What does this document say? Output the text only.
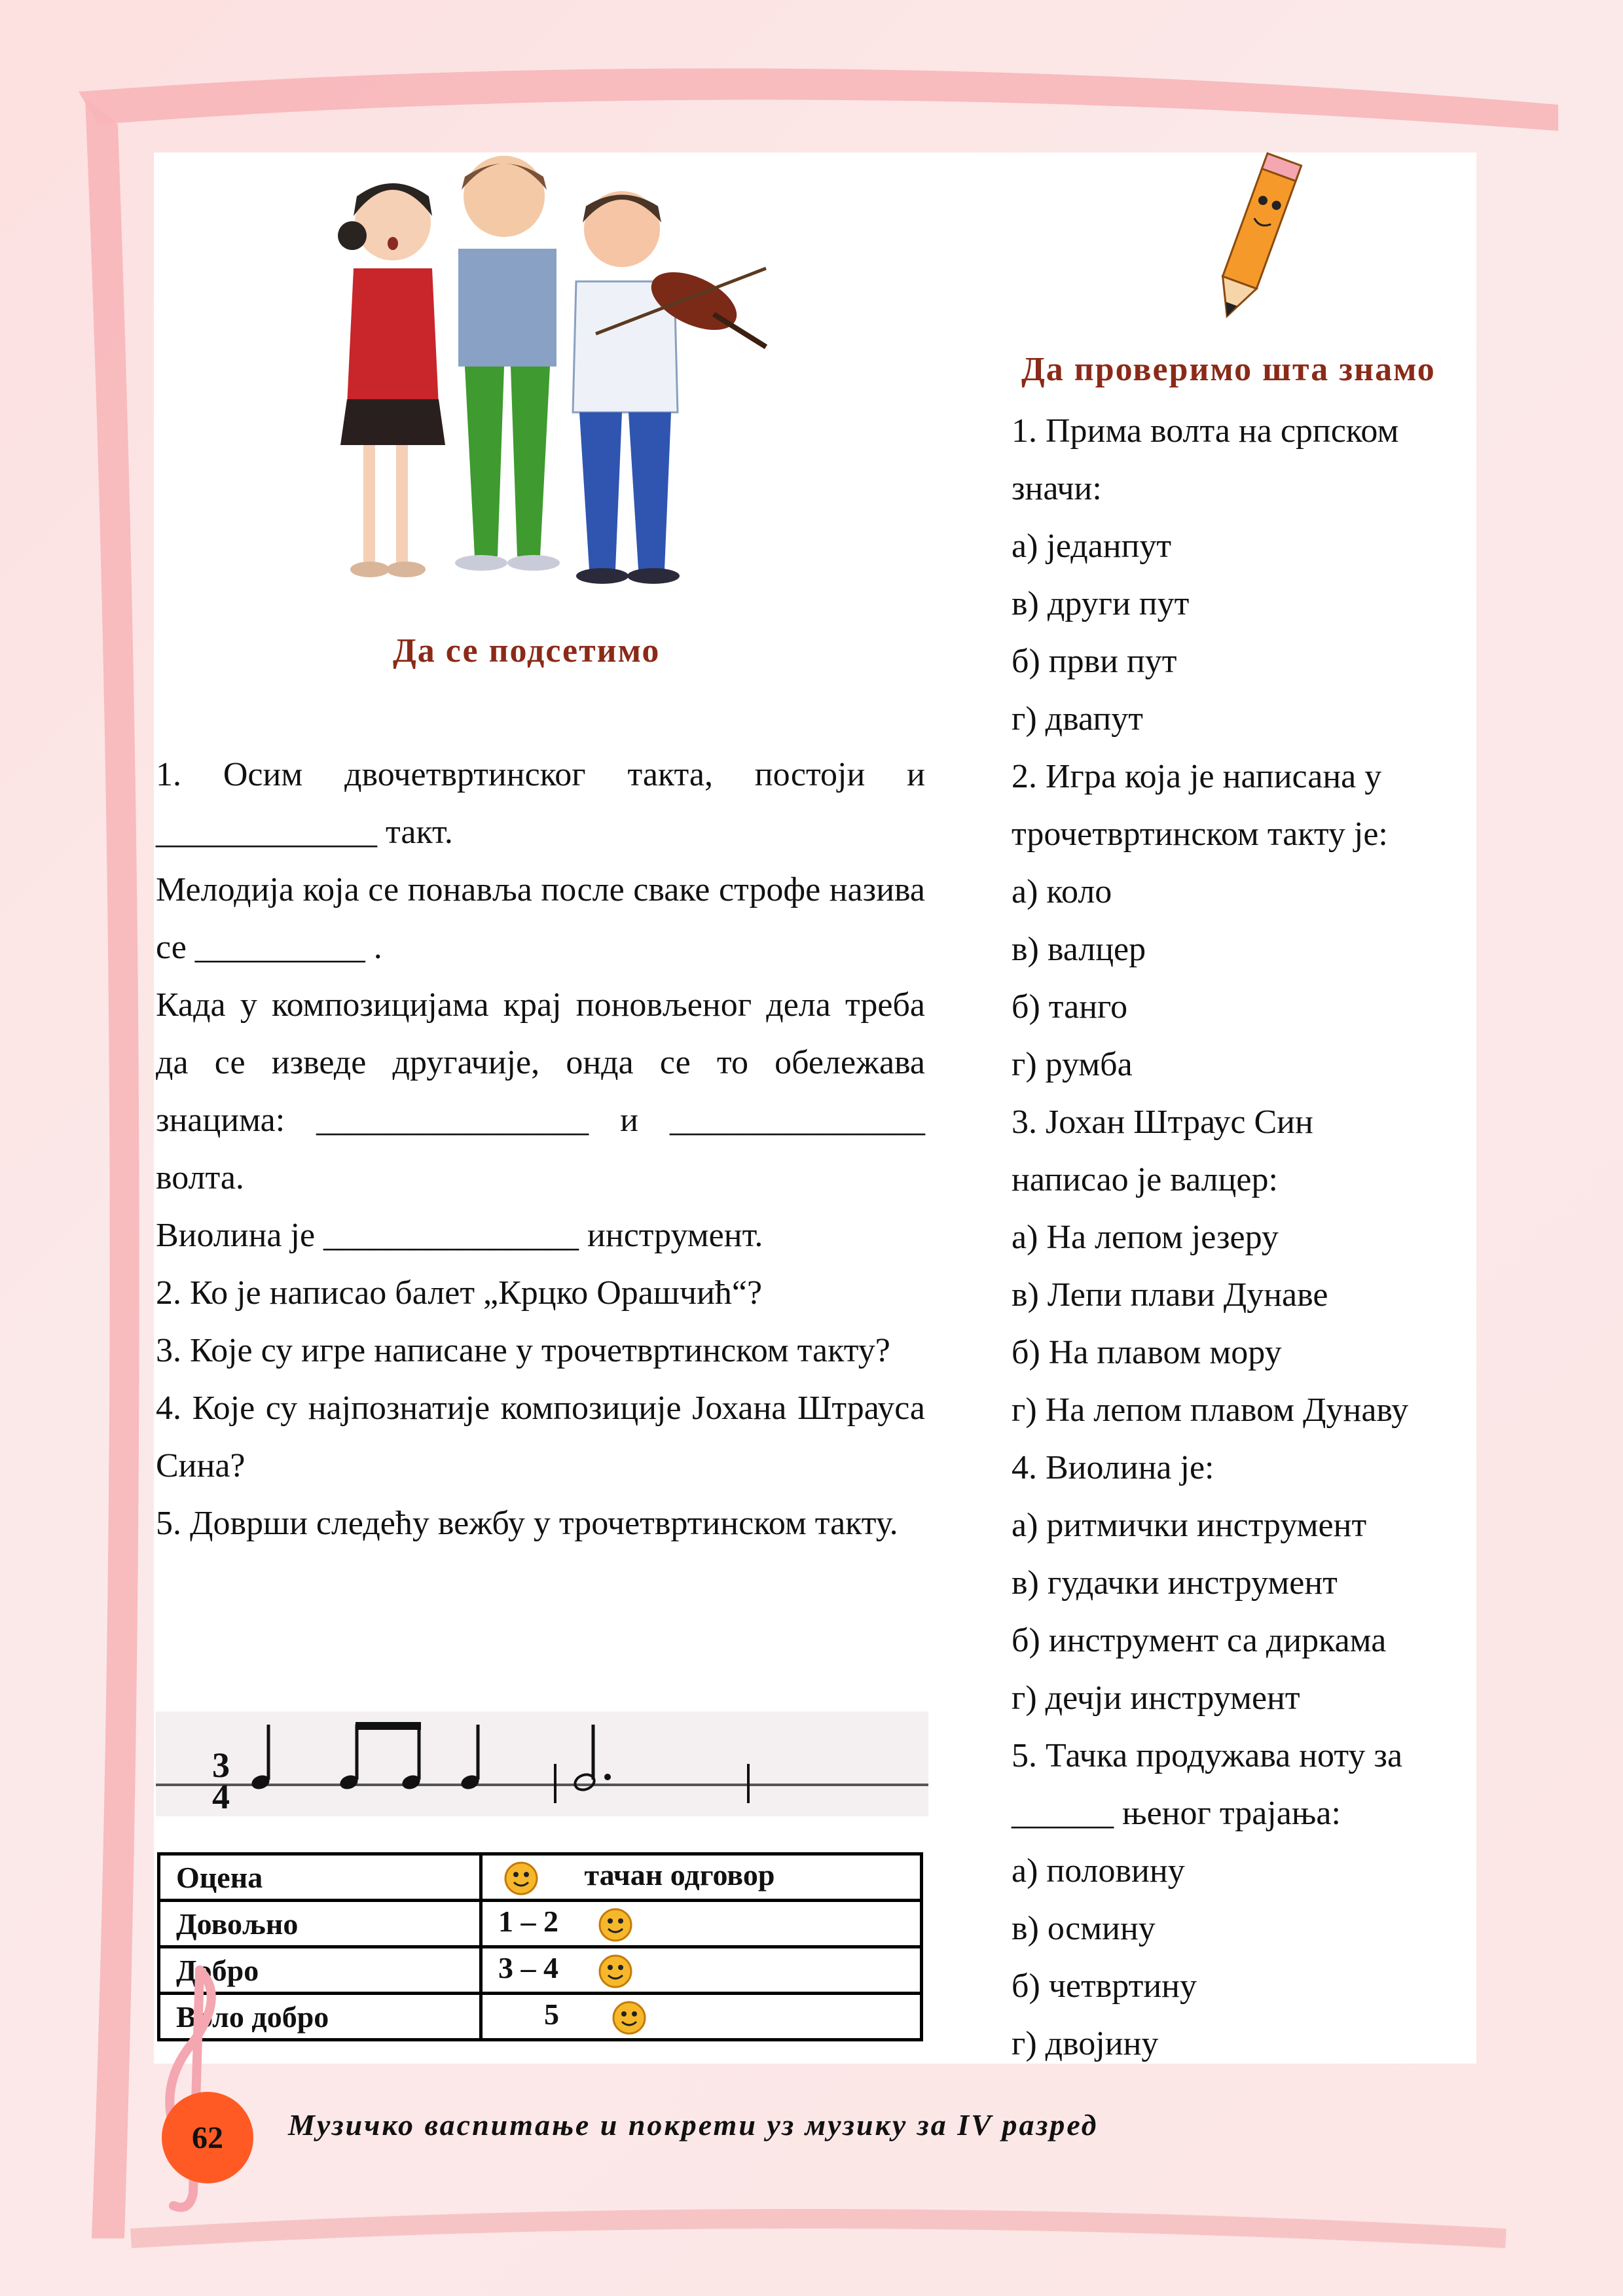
Да се подсетимо
Да проверимо шта знамо

1. Осим двочетвртинског такта, постоји и _____________ такт.

Мелодија која се понавља после сваке строфе назива се __________ .

Када у композицијама крај поновљеног дела треба да се изведе другачије, онда се то обележава знацима: ________________ и _______________ волта.

Виолина је _______________ инструмент.

2. Ко је написао балет „Крцко Орашчић“?

3. Које су игре написане у трочетвртинском такту?

4. Које су најпознатије композиције Јохана Штрауса Сина?

5. Доврши следећу вежбу у трочетвртинском такту.

3
4
Оцена	тачан одговор
Довољно	1 – 2
Добро	3 – 4
Врло добро	5

1. Прима волта на српском

значи:

а) једанпут

в) други пут

б) први пут

г) двапут

2. Игра која је написана у

трочетвртинском такту је:

а) коло

в) валцер

б) танго

г) румба

3. Јохан Штраус Син

написао је валцер:

а) На лепом језеру

в) Лепи плави Дунаве

б) На плавом мору

г) На лепом плавом Дунаву

4. Виолина је:

а) ритмички инструмент

в) гудачки инструмент

б) инструмент са диркама

г) дечји инструмент

5. Тачка продужава ноту за

______ њеног трајања:

а) половину

в) осмину

б) четвртину

г) двојину

62 Музичко васпитање и покрети уз музику за IV разред
